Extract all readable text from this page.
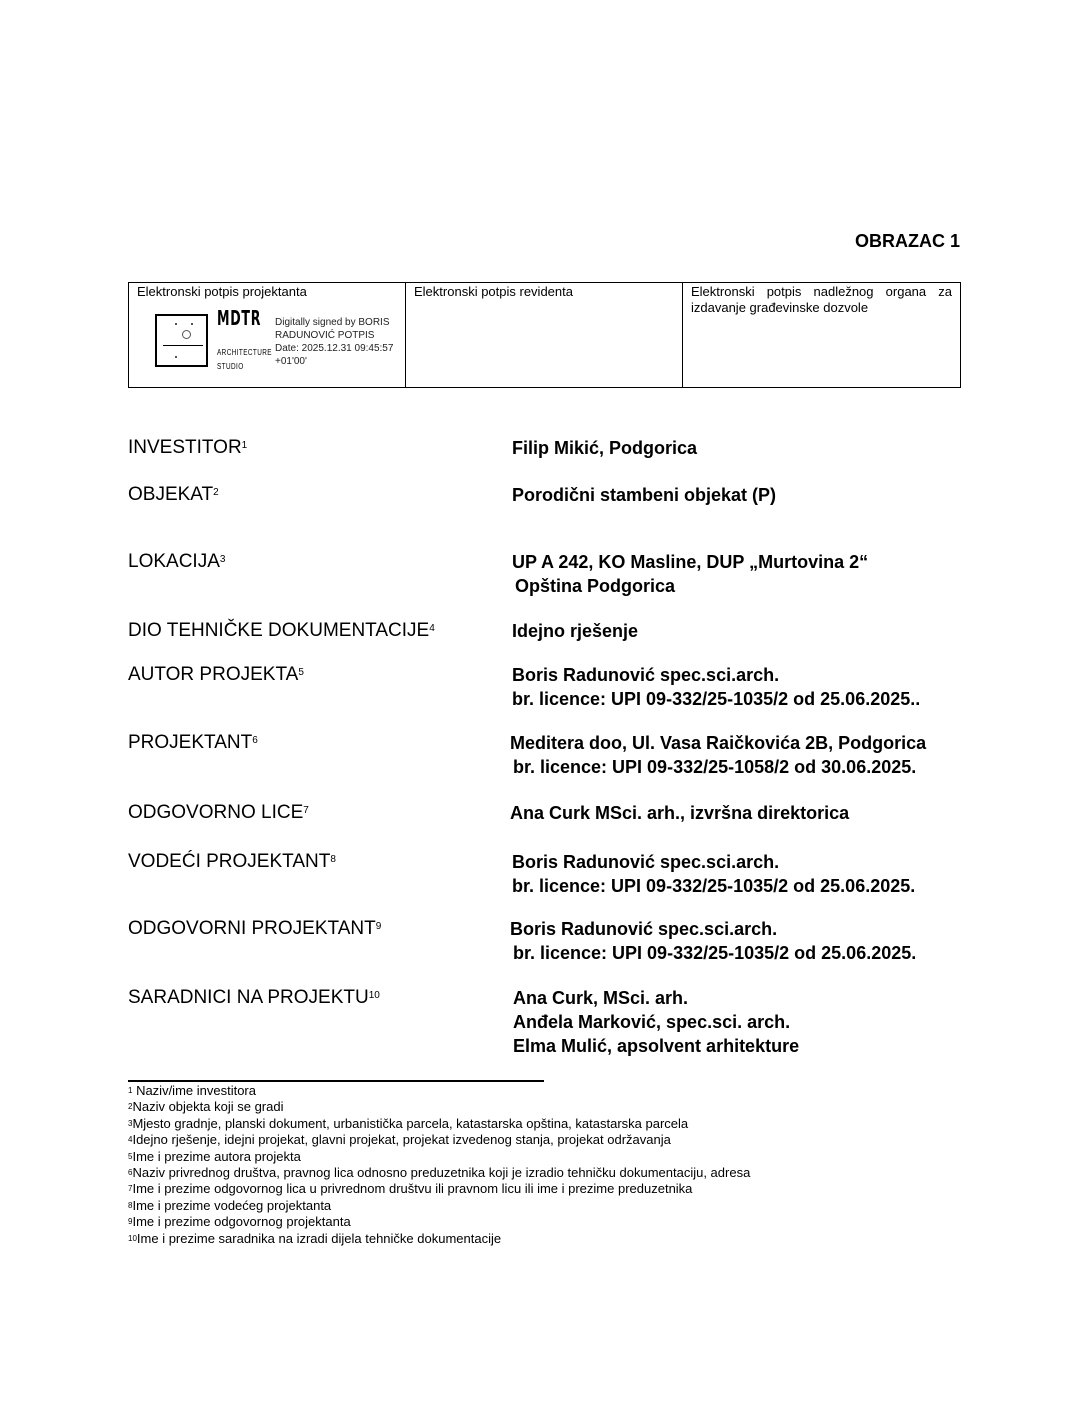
OBRAZAC 1
Elektronski potpis projektanta
MDTR
ARCHITECTURE
STUDIO
Digitally signed by BORIS
RADUNOVIĆ POTPIS
Date: 2025.12.31 09:45:57
+01'00'

Elektronski potpis revidenta	Elektronski potpis nadležnog organa za izdavanje građevinske dozvole
INVESTITOR$^1$	Filip Mikić, Podgorica
OBJEKAT$^2$	Porodični stambeni objekat (P)
LOKACIJA$^3$	UP A 242, KO Masline, DUP „Murtovina 2“
Opština Podgorica
DIO TEHNIČKE DOKUMENTACIJE$^4$	Idejno rješenje
AUTOR PROJEKTA$^5$	Boris Radunović spec.sci.arch.
br. licence: UPI 09-332/25-1035/2 od 25.06.2025..
PROJEKTANT$^6$	Meditera doo, Ul. Vasa Raičkovića 2B, Podgorica
br. licence: UPI 09-332/25-1058/2 od 30.06.2025.
ODGOVORNO LICE$^7$	Ana Curk MSci. arh., izvršna direktorica
VODEĆI PROJEKTANT$^8$	Boris Radunović spec.sci.arch.
br. licence: UPI 09-332/25-1035/2 od 25.06.2025.
ODGOVORNI PROJEKTANT$^9$	Boris Radunović spec.sci.arch.
br. licence: UPI 09-332/25-1035/2 od 25.06.2025.
SARADNICI NA PROJEKTU$^{10}$	Ana Curk, MSci. arh.
Anđela Marković, spec.sci. arch.
Elma Mulić, apsolvent arhitekture
$^1$ Naziv/ime investitora
$^2$Naziv objekta koji se gradi
$^3$Mjesto gradnje, planski dokument, urbanistička parcela, katastarska opština, katastarska parcela
$^4$Idejno rješenje, idejni projekat, glavni projekat, projekat izvedenog stanja, projekat održavanja
$^5$Ime i prezime autora projekta
$^6$Naziv privrednog društva, pravnog lica odnosno preduzetnika koji je izradio tehničku dokumentaciju, adresa
$^7$Ime i prezime odgovornog lica u privrednom društvu ili pravnom licu ili ime i prezime preduzetnika
$^8$Ime i prezime vodećeg projektanta
$^9$Ime i prezime odgovornog projektanta
$^{10}$Ime i prezime saradnika na izradi dijela tehničke dokumentacije
